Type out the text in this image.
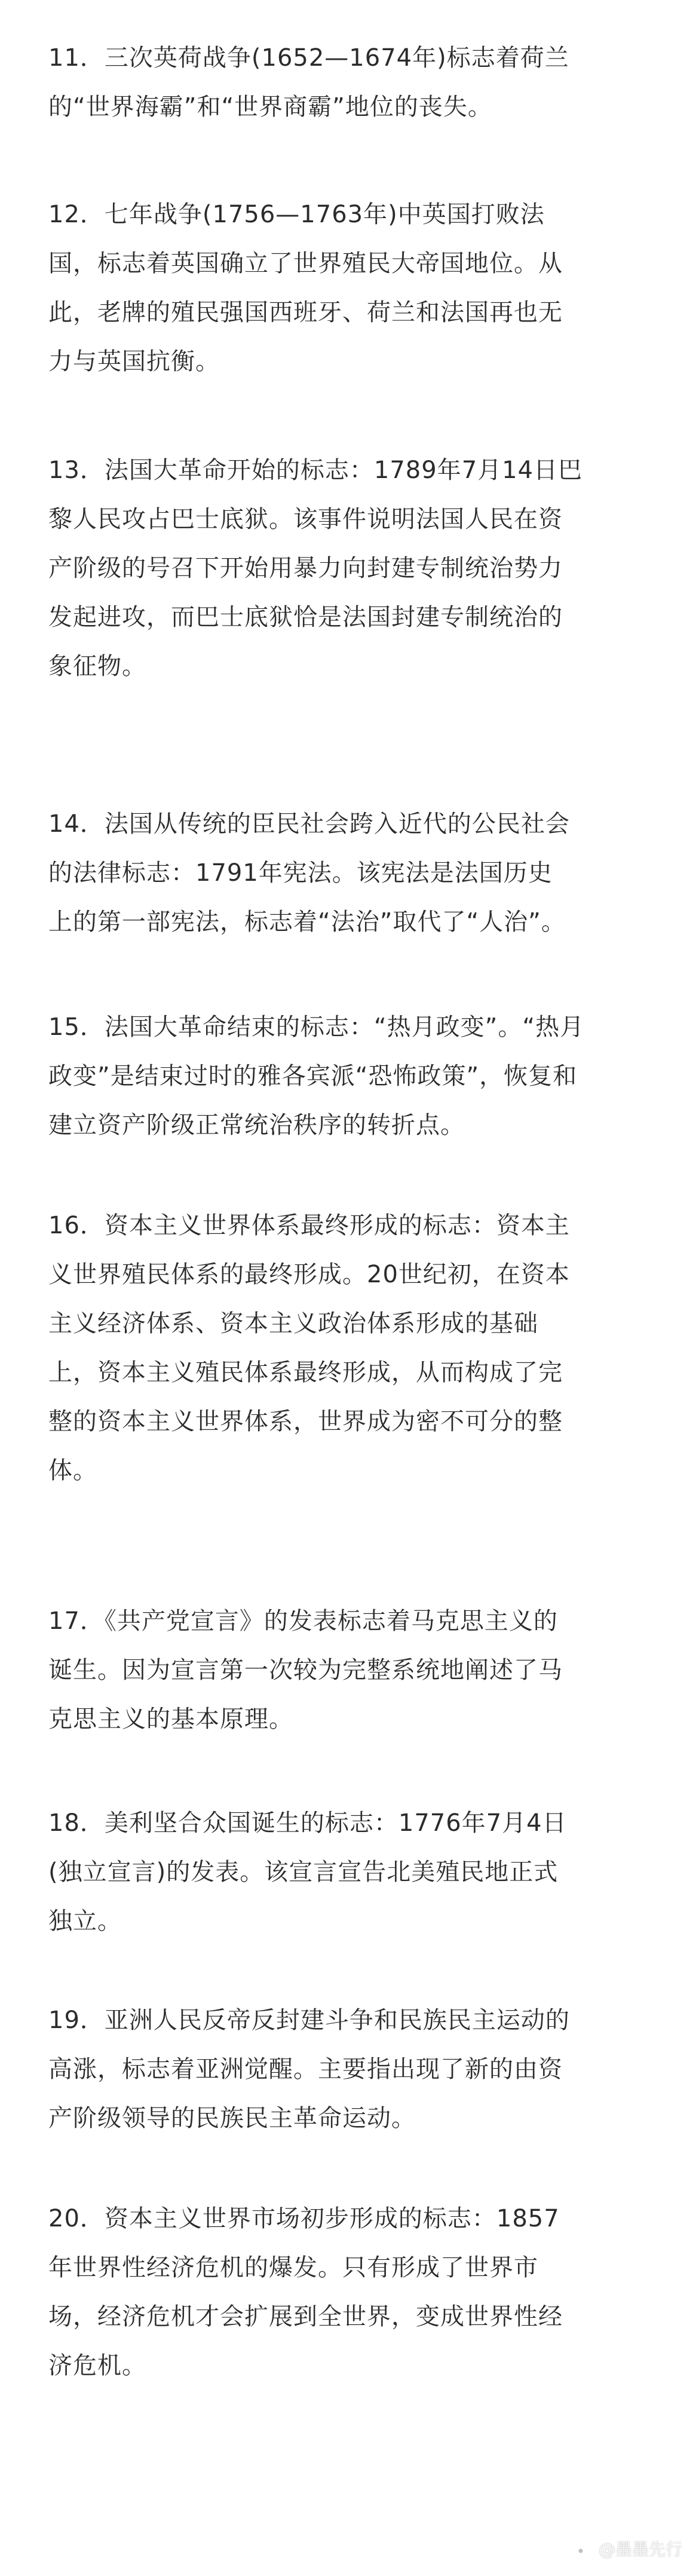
11．三次英荷战争(1652—1674年)标志着荷兰
的“世界海霸”和“世界商霸”地位的丧失。

12．七年战争(1756—1763年)中英国打败法
国，标志着英国确立了世界殖民大帝国地位。从
此，老牌的殖民强国西班牙、荷兰和法国再也无
力与英国抗衡。

13．法国大革命开始的标志：1789年7月14日巴
黎人民攻占巴士底狱。该事件说明法国人民在资
产阶级的号召下开始用暴力向封建专制统治势力
发起进攻，而巴士底狱恰是法国封建专制统治的
象征物。

14．法国从传统的臣民社会跨入近代的公民社会
的法律标志：1791年宪法。该宪法是法国历史
上的第一部宪法，标志着“法治”取代了“人治”。

15．法国大革命结束的标志：“热月政变”。“热月
政变”是结束过时的雅各宾派“恐怖政策”，恢复和
建立资产阶级正常统治秩序的转折点。

16．资本主义世界体系最终形成的标志：资本主
义世界殖民体系的最终形成。20世纪初，在资本
主义经济体系、资本主义政治体系形成的基础
上，资本主义殖民体系最终形成，从而构成了完
整的资本主义世界体系，世界成为密不可分的整
体。

17．《共产党宣言》的发表标志着马克思主义的
诞生。因为宣言第一次较为完整系统地阐述了马
克思主义的基本原理。

18．美利坚合众国诞生的标志：1776年7月4日
(独立宣言)的发表。该宣言宣告北美殖民地正式
独立。

19．亚洲人民反帝反封建斗争和民族民主运动的
高涨，标志着亚洲觉醒。主要指出现了新的由资
产阶级领导的民族民主革命运动。

20．资本主义世界市场初步形成的标志：1857
年世界性经济危机的爆发。只有形成了世界市
场，经济危机才会扩展到全世界，变成世界性经
济危机。

@墨墨先行
